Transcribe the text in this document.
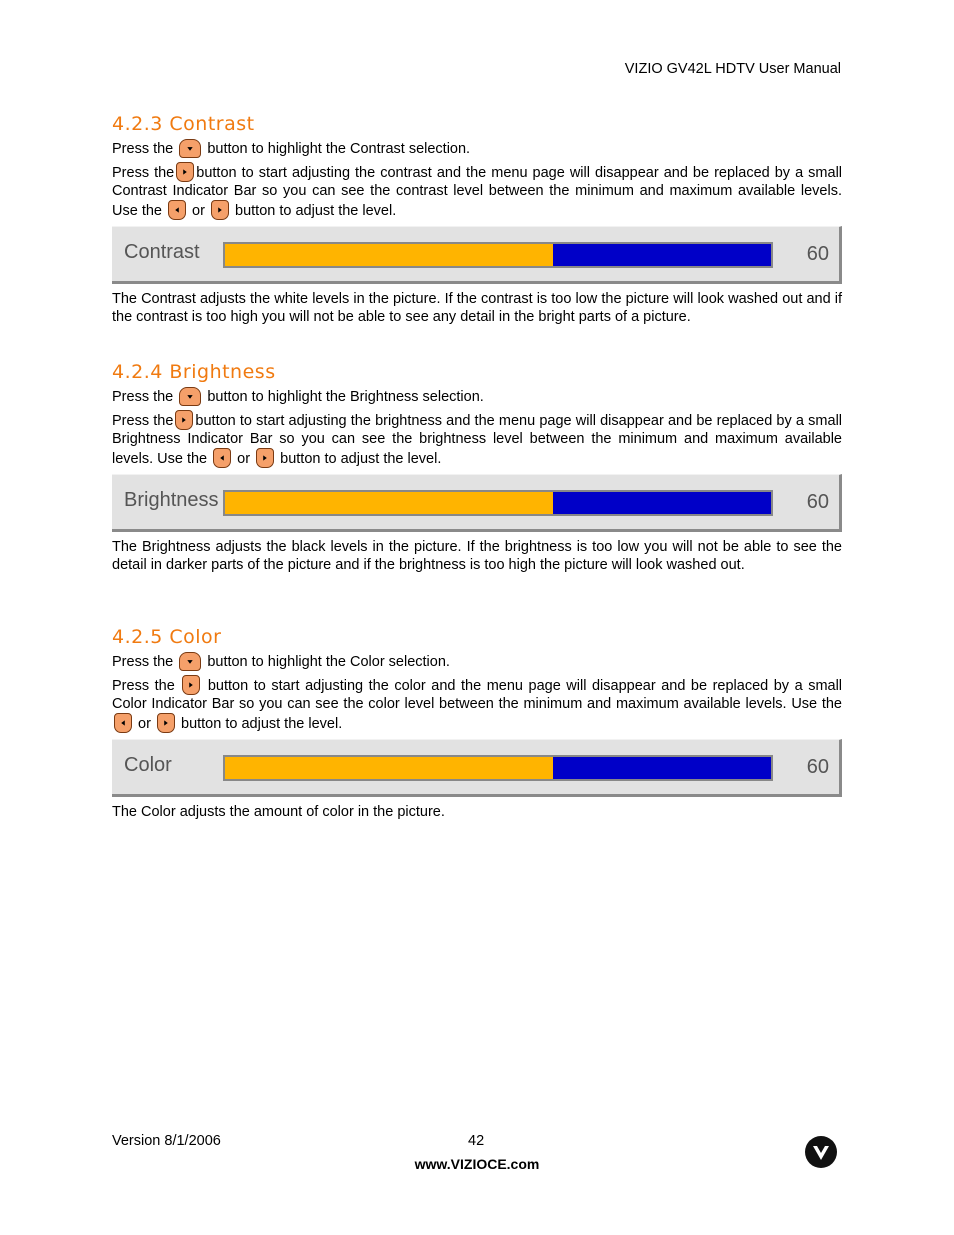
VIZIO GV42L HDTV User Manual
4.2.3 Contrast

Press the button to highlight the Contrast selection.

Press the button to start adjusting the contrast and the menu page will disappear and be replaced by a small Contrast Indicator Bar so you can see the contrast level between the minimum and maximum available levels. Use the or button to adjust the level.

Contrast	60

The Contrast adjusts the white levels in the picture. If the contrast is too low the picture will look washed out and if the contrast is too high you will not be able to see any detail in the bright parts of a picture.

4.2.4 Brightness

Press the button to highlight the Brightness selection.

Press the button to start adjusting the brightness and the menu page will disappear and be replaced by a small Brightness Indicator Bar so you can see the brightness level between the minimum and maximum available levels. Use the or button to adjust the level.

Brightness	60

The Brightness adjusts the black levels in the picture. If the brightness is too low you will not be able to see the detail in darker parts of the picture and if the brightness is too high the picture will look washed out.

4.2.5 Color

Press the button to highlight the Color selection.

Press the button to start adjusting the color and the menu page will disappear and be replaced by a small Color Indicator Bar so you can see the color level between the minimum and maximum available levels. Use the
or button to adjust the level.

Color	60

The Color adjusts the amount of color in the picture.

Version 8/1/2006	42
www.VIZIOCE.com
